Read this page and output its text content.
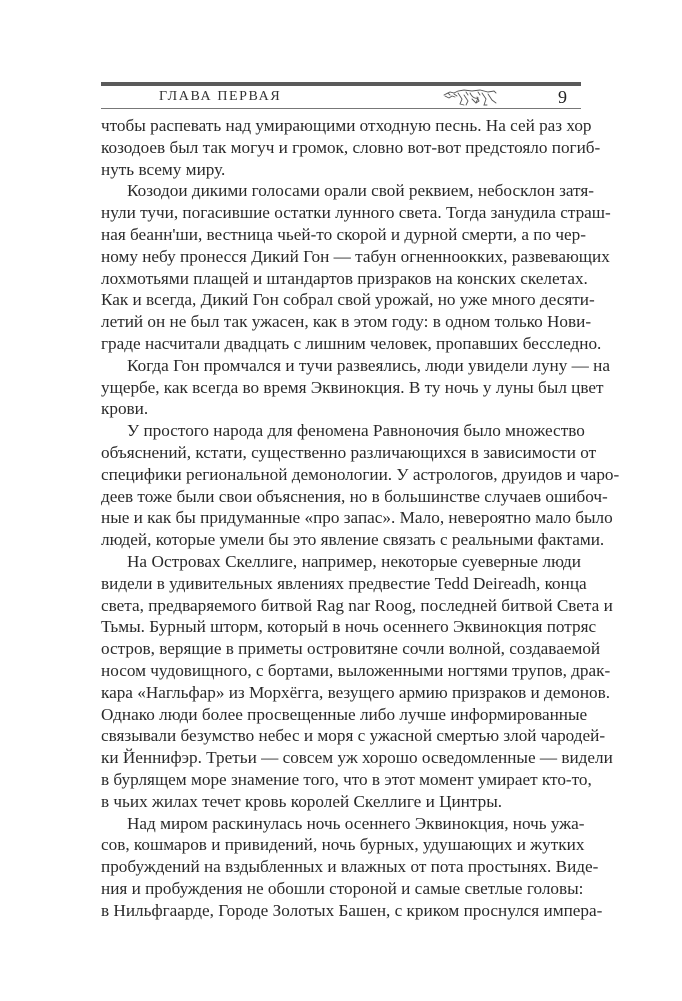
ГЛАВА ПЕРВАЯ	9
чтобы распевать над умирающими отходную песнь. На сей раз хор
козодоев был так могуч и громок, словно вот-вот предстояло погиб-
нуть всему миру.
Козодои дикими голосами орали свой реквием, небосклон затя-
нули тучи, погасившие остатки лунного света. Тогда занудила страш-
ная беанн'ши, вестница чьей-то скорой и дурной смерти, а по чер-
ному небу пронесся Дикий Гон — табун огненноокких, развевающих
лохмотьями плащей и штандартов призраков на конских скелетах.
Как и всегда, Дикий Гон собрал свой урожай, но уже много десяти-
летий он не был так ужасен, как в этом году: в одном только Нови-
граде насчитали двадцать с лишним человек, пропавших бесследно.
Когда Гон промчался и тучи развеялись, люди увидели луну — на
ущербе, как всегда во время Эквинокция. В ту ночь у луны был цвет
крови.
У простого народа для феномена Равноночия было множество
объяснений, кстати, существенно различающихся в зависимости от
специфики региональной демонологии. У астрологов, друидов и чаро-
деев тоже были свои объяснения, но в большинстве случаев ошибоч-
ные и как бы придуманные «про запас». Мало, невероятно мало было
людей, которые умели бы это явление связать с реальными фактами.
На Островах Скеллиге, например, некоторые суеверные люди
видели в удивительных явлениях предвестие Tedd Deireadh, конца
света, предваряемого битвой Rag nar Roog, последней битвой Света и
Тьмы. Бурный шторм, который в ночь осеннего Эквинокция потряс
остров, верящие в приметы островитяне сочли волной, создаваемой
носом чудовищного, с бортами, выложенными ногтями трупов, драк-
кара «Нагльфар» из Морхёгга, везущего армию призраков и демонов.
Однако люди более просвещенные либо лучше информированные
связывали безумство небес и моря с ужасной смертью злой чародей-
ки Йеннифэр. Третьи — совсем уж хорошо осведомленные — видели
в бурлящем море знамение того, что в этот момент умирает кто-то,
в чьих жилах течет кровь королей Скеллиге и Цинтры.
Над миром раскинулась ночь осеннего Эквинокция, ночь ужа-
сов, кошмаров и привидений, ночь бурных, удушающих и жутких
пробуждений на вздыбленных и влажных от пота простынях. Виде-
ния и пробуждения не обошли стороной и самые светлые головы:
в Нильфгаарде, Городе Золотых Башен, с криком проснулся импера-
